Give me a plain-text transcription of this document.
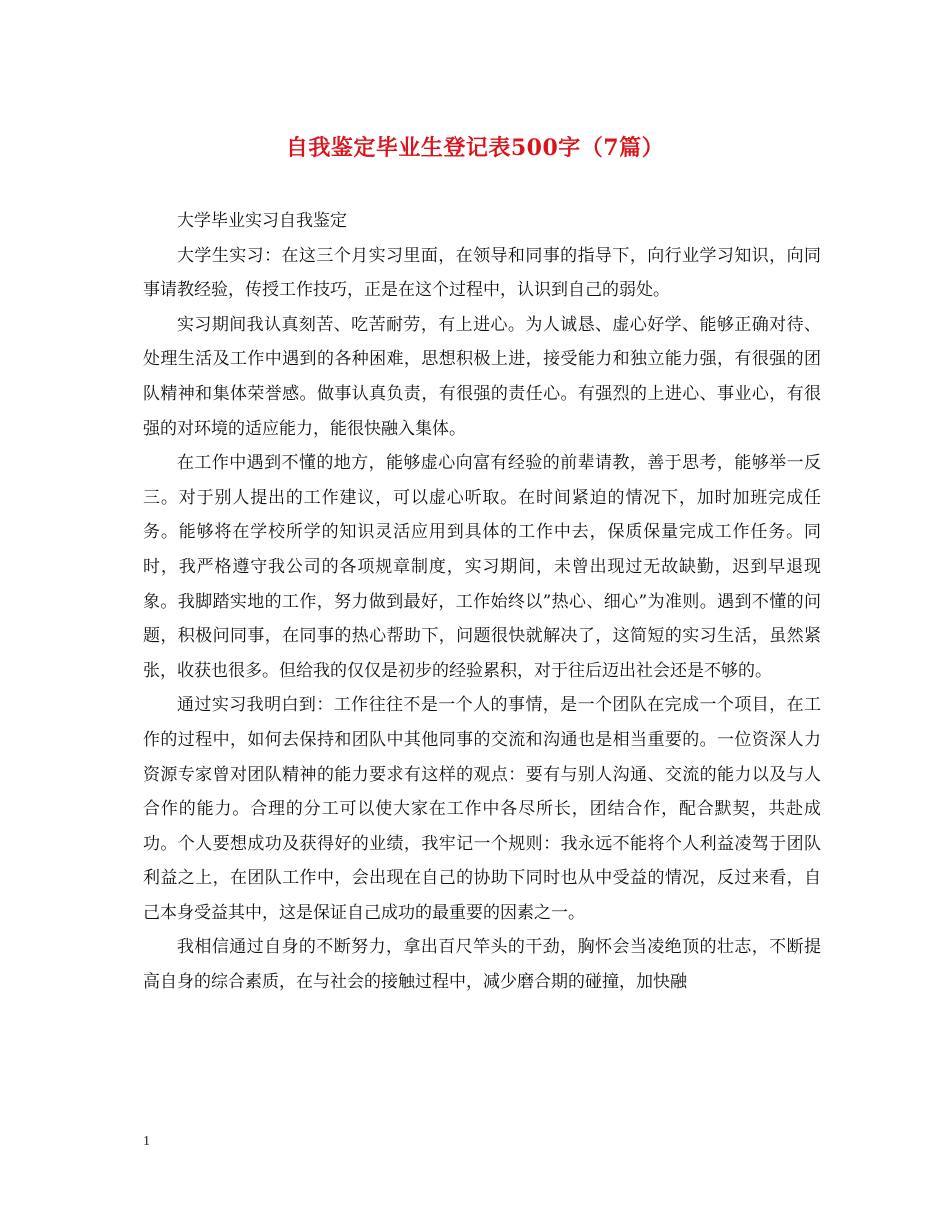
自我鉴定毕业生登记表500字（7篇）

大学毕业实习自我鉴定

大学生实习：在这三个月实习里面，在领导和同事的指导下，向行业学习知识，向同事请教经验，传授工作技巧，正是在这个过程中，认识到自己的弱处。

实习期间我认真刻苦、吃苦耐劳，有上进心。为人诚恳、虚心好学、能够正确对待、处理生活及工作中遇到的各种困难，思想积极上进，接受能力和独立能力强，有很强的团队精神和集体荣誉感。做事认真负责，有很强的责任心。有强烈的上进心、事业心，有很强的对环境的适应能力，能很快融入集体。

在工作中遇到不懂的地方，能够虚心向富有经验的前辈请教，善于思考，能够举一反三。对于别人提出的工作建议，可以虚心听取。在时间紧迫的情况下，加时加班完成任务。能够将在学校所学的知识灵活应用到具体的工作中去，保质保量完成工作任务。同时，我严格遵守我公司的各项规章制度，实习期间，未曾出现过无故缺勤，迟到早退现象。我脚踏实地的工作，努力做到最好，工作始终以”热心、细心”为准则。遇到不懂的问题，积极问同事，在同事的热心帮助下，问题很快就解决了，这简短的实习生活，虽然紧张，收获也很多。但给我的仅仅是初步的经验累积，对于往后迈出社会还是不够的。

通过实习我明白到：工作往往不是一个人的事情，是一个团队在完成一个项目，在工作的过程中，如何去保持和团队中其他同事的交流和沟通也是相当重要的。一位资深人力资源专家曾对团队精神的能力要求有这样的观点：要有与别人沟通、交流的能力以及与人合作的能力。合理的分工可以使大家在工作中各尽所长，团结合作，配合默契，共赴成功。个人要想成功及获得好的业绩，我牢记一个规则：我永远不能将个人利益凌驾于团队利益之上，在团队工作中，会出现在自己的协助下同时也从中受益的情况，反过来看，自己本身受益其中，这是保证自己成功的最重要的因素之一。

我相信通过自身的不断努力，拿出百尺竿头的干劲，胸怀会当凌绝顶的壮志，不断提高自身的综合素质，在与社会的接触过程中，减少磨合期的碰撞，加快融

1
